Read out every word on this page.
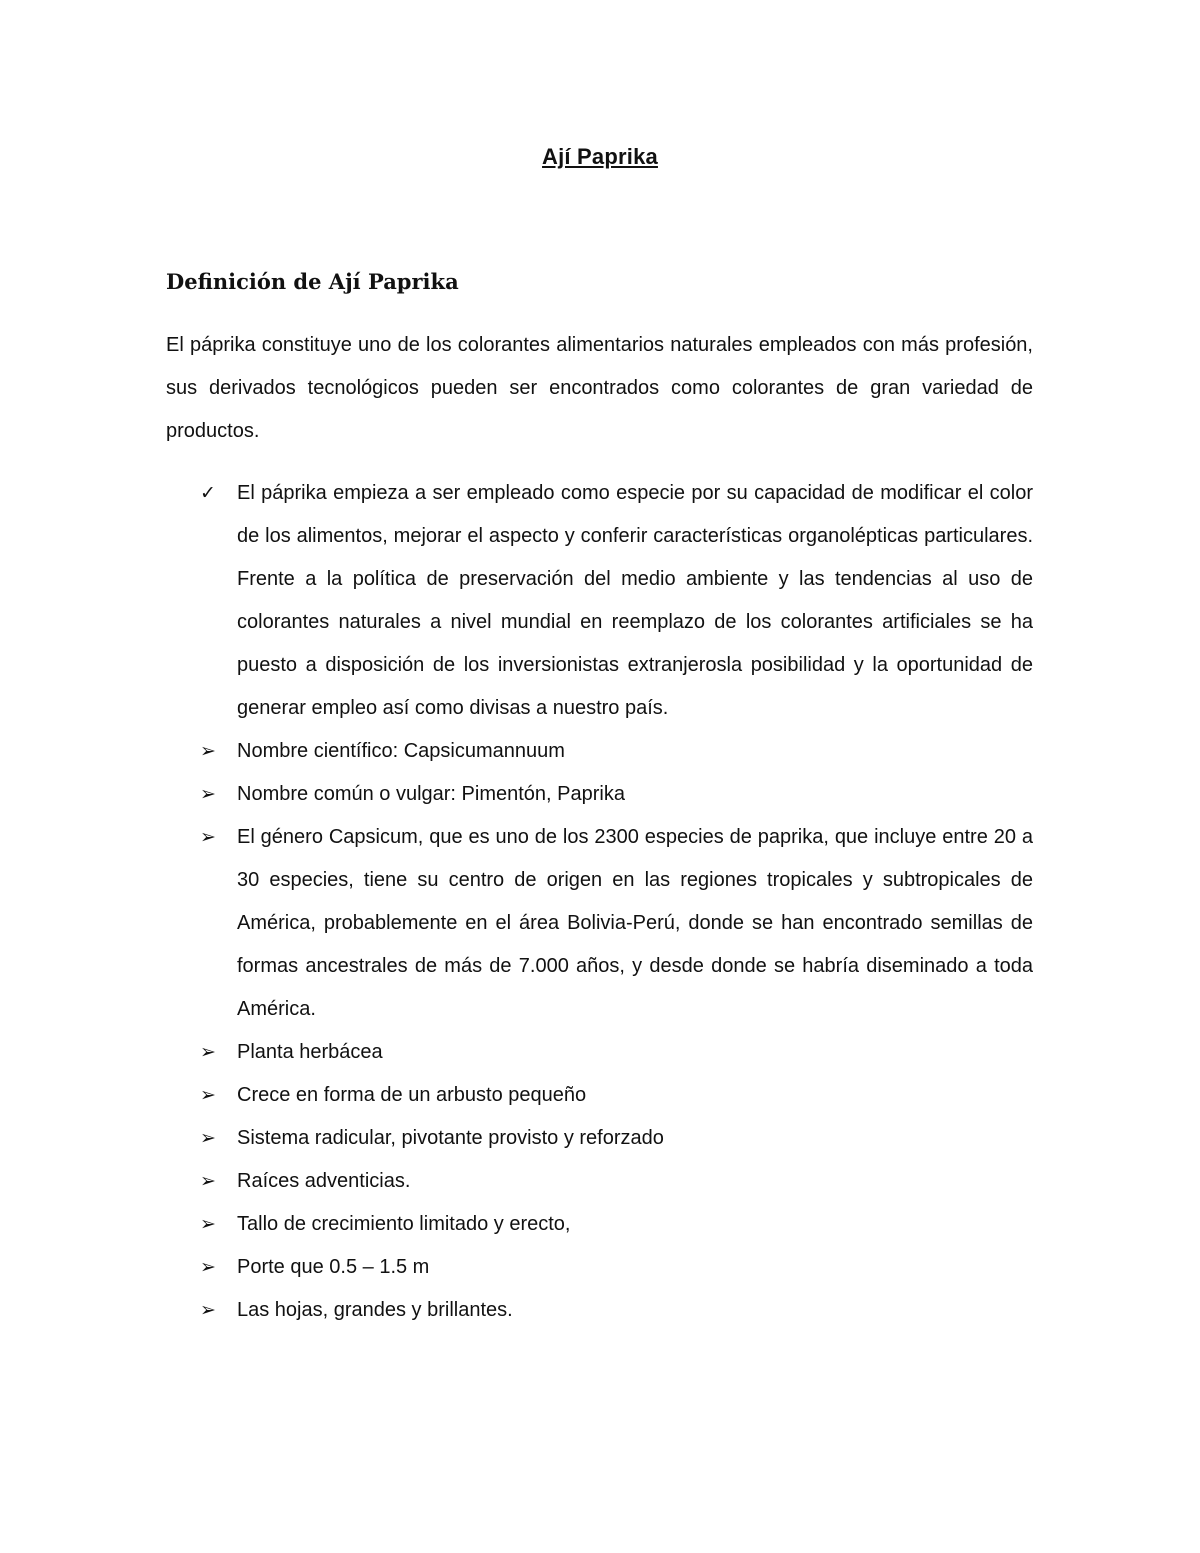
Ají Paprika
Definición de Ají Paprika

El páprika constituye uno de los colorantes alimentarios naturales empleados con más profesión, sus derivados tecnológicos pueden ser encontrados como colorantes de gran variedad de productos.

✓	El páprika empieza a ser empleado como especie por su capacidad de modificar el color de los alimentos, mejorar el aspecto y conferir características organolépticas particulares. Frente a la política de preservación del medio ambiente y las tendencias al uso de colorantes naturales a nivel mundial en reemplazo de los colorantes artificiales se ha puesto a disposición de los inversionistas extranjerosla posibilidad y la oportunidad de generar empleo así como divisas a nuestro país.
➢	Nombre científico: Capsicumannuum
➢	Nombre común o vulgar: Pimentón, Paprika
➢	El género Capsicum, que es uno de los 2300 especies de paprika, que incluye entre 20 a 30 especies, tiene su centro de origen en las regiones tropicales y subtropicales de América, probablemente en el área Bolivia-Perú, donde se han encontrado semillas de formas ancestrales de más de 7.000 años, y desde donde se habría diseminado a toda América.
➢	Planta herbácea
➢	Crece en forma de un arbusto pequeño
➢	Sistema radicular, pivotante provisto y reforzado
➢	Raíces adventicias.
➢	Tallo de crecimiento limitado y erecto,
➢	Porte que 0.5 – 1.5 m
➢	Las hojas, grandes y brillantes.
